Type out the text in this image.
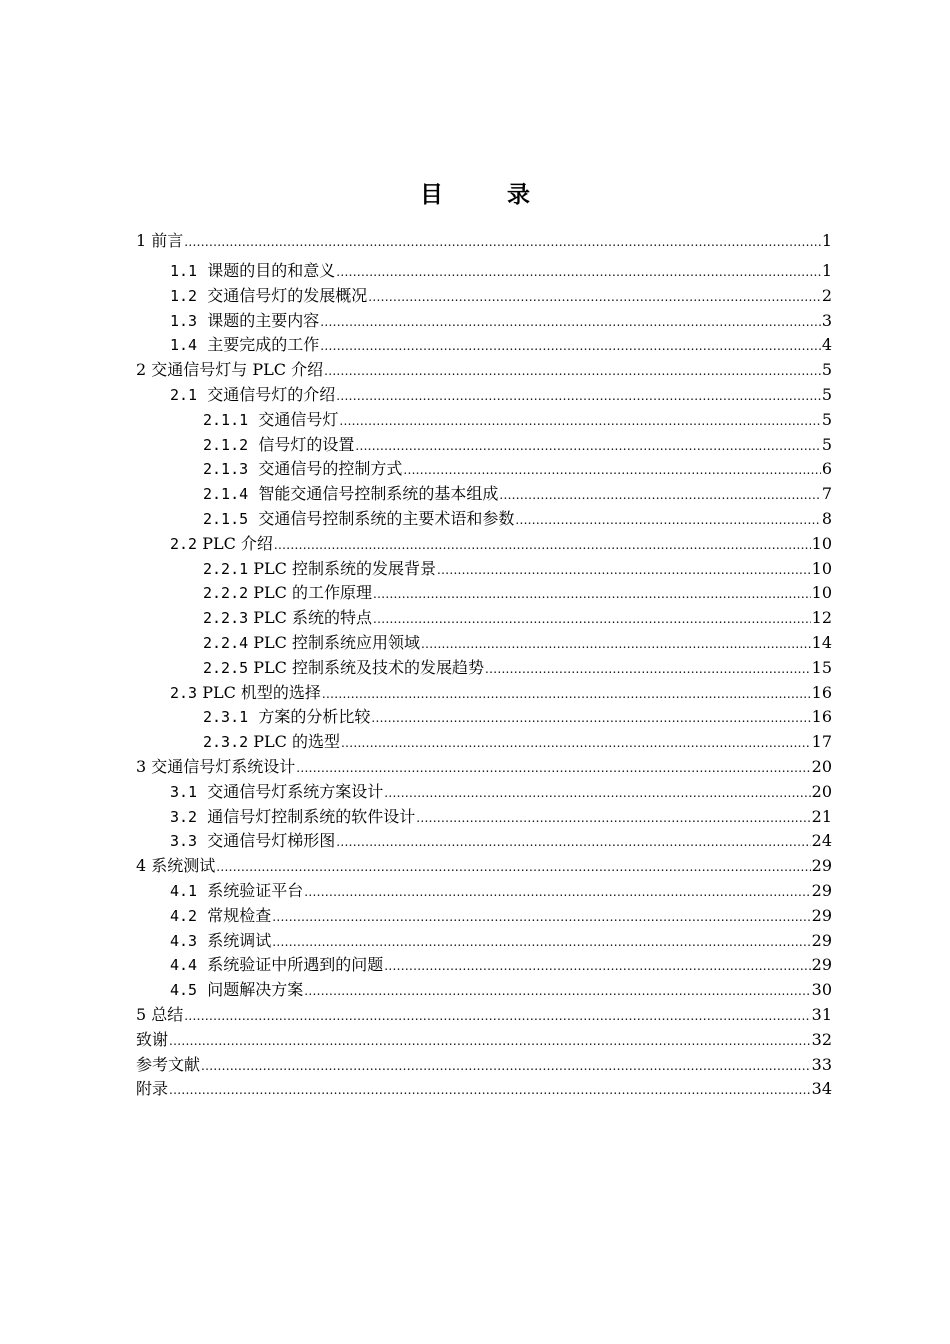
目 录
1 前言 .....	1
1.1 课题的目的和意义 .....	1
1.2 交通信号灯的发展概况 .....	2
1.3 课题的主要内容 .....	3
1.4 主要完成的工作 .....	4
2 交通信号灯与 PLC 介绍 .....	5
2.1 交通信号灯的介绍 .....	5
2.1.1 交通信号灯 .....	5
2.1.2 信号灯的设置 .....	5
2.1.3 交通信号的控制方式 .....	6
2.1.4 智能交通信号控制系统的基本组成 .....	7
2.1.5 交通信号控制系统的主要术语和参数 .....	8
2.2 PLC 介绍 .....	10
2.2.1 PLC 控制系统的发展背景 .....	10
2.2.2 PLC 的工作原理 .....	10
2.2.3 PLC 系统的特点 .....	12
2.2.4 PLC 控制系统应用领域 .....	14
2.2.5 PLC 控制系统及技术的发展趋势 .....	15
2.3 PLC 机型的选择 .....	16
2.3.1 方案的分析比较 .....	16
2.3.2 PLC 的选型 .....	17
3 交通信号灯系统设计 .....	20
3.1 交通信号灯系统方案设计 .....	20
3.2 通信号灯控制系统的软件设计 .....	21
3.3 交通信号灯梯形图 .....	24
4 系统测试 .....	29
4.1 系统验证平台 .....	29
4.2 常规检查 .....	29
4.3 系统调试 .....	29
4.4 系统验证中所遇到的问题 .....	29
4.5 问题解决方案 .....	30
5 总结 .....	31
致谢 .....	32
参考文献 .....	33
附录 .....	34
